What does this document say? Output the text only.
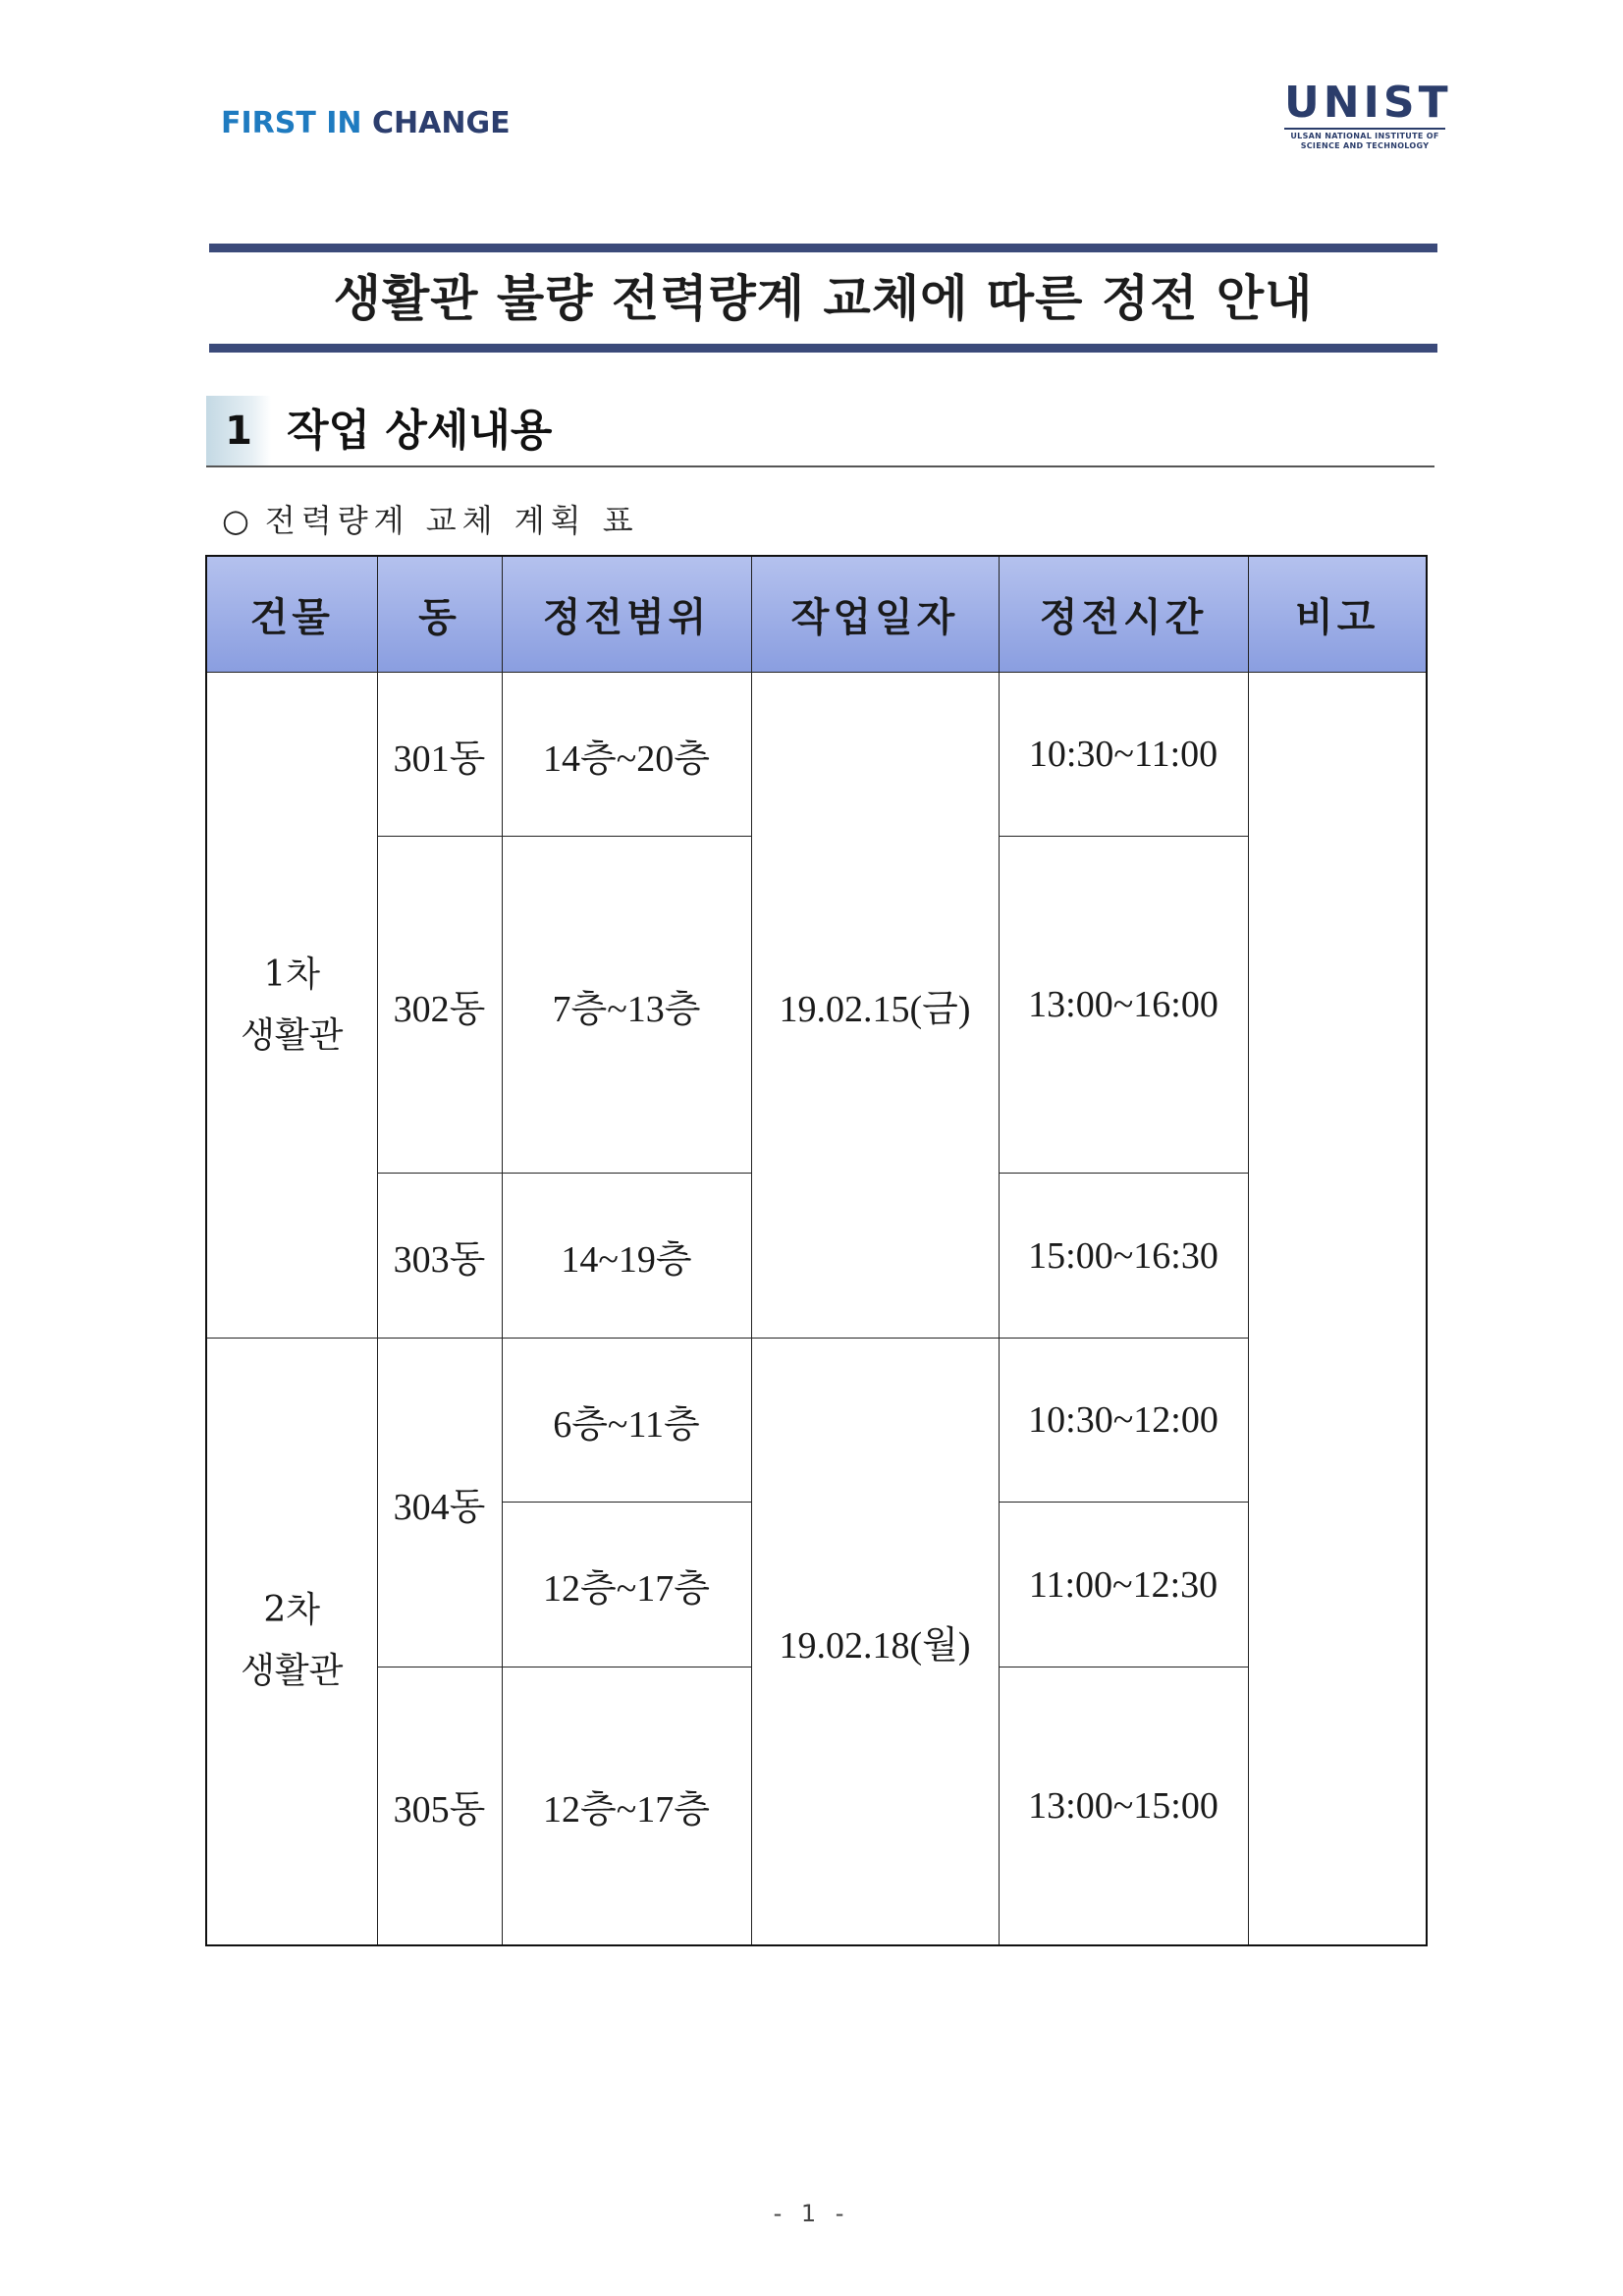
FIRST IN CHANGE	UNIST
ULSAN NATIONAL INSTITUTE OF
SCIENCE AND TECHNOLOGY
생활관 불량 전력량계 교체에 따른 정전 안내
1 작업 상세내용
○ 전력량계 교체 계획 표
건물	동	정전범위	작업일자	정전시간	비고

1차
생활관	301동	14층~20층	19.02.15(금)	10:30~11:00	
	302동	7층~13층		13:00~16:00	
	303동	14~19층		15:00~16:30	

2차
생활관	304동	6층~11층	19.02.18(월)	10:30~12:00	
		12층~17층		11:00~12:30	
	305동	12층~17층		13:00~15:00	
- 1 -
